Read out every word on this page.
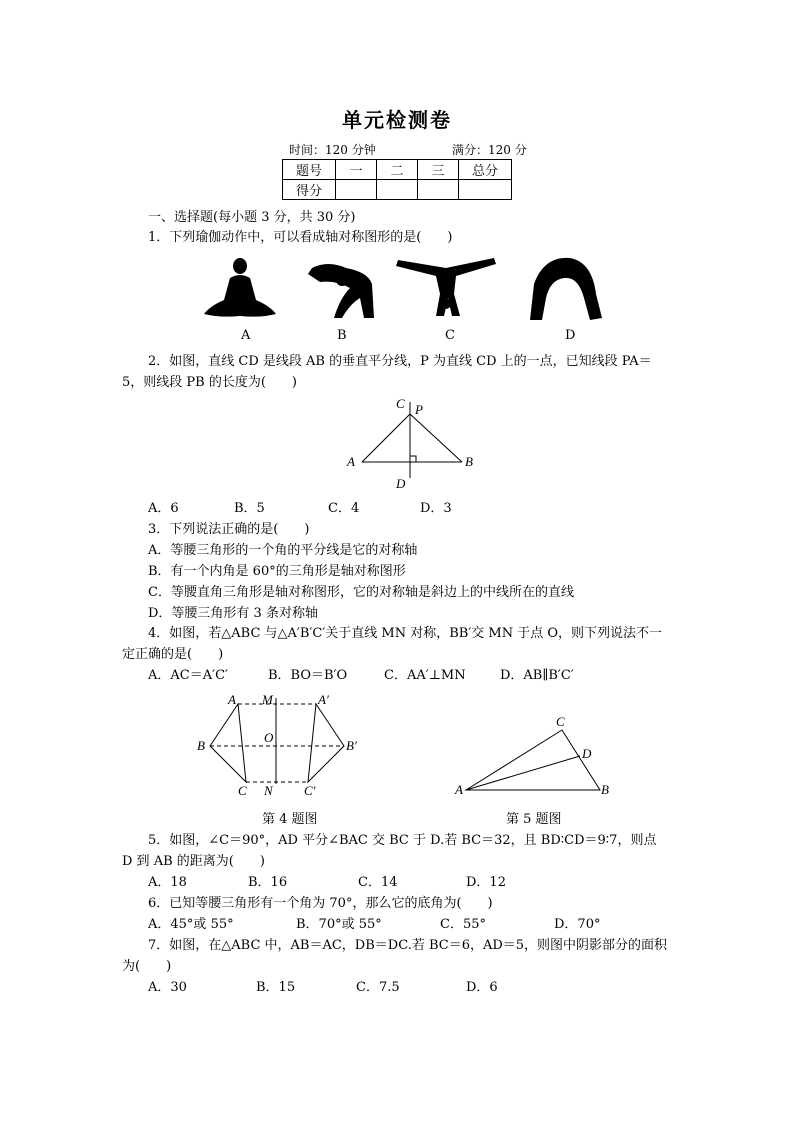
单元检测卷
时间：120 分钟	满分：120 分
题号	一	二	三	总分
得分				
一、选择题(每小题 3 分，共 30 分)
1．下列瑜伽动作中，可以看成轴对称图形的是(　　)
A	B	C	D
2．如图，直线 CD 是线段 AB 的垂直平分线，P 为直线 CD 上的一点，已知线段 PA＝
5，则线段 PB 的长度为(　　)
C P
A	B
D
A．6	B．5	C．4	D．3
3．下列说法正确的是(　　)
A．等腰三角形的一个角的平分线是它的对称轴
B．有一个内角是 60°的三角形是轴对称图形
C．等腰直角三角形是轴对称图形，它的对称轴是斜边上的中线所在的直线
D．等腰三角形有 3 条对称轴
4．如图，若△ABC 与△A′B′C′关于直线 MN 对称，BB′交 MN 于点 O，则下列说法不一
定正确的是(　　)
A．AC＝A′C′	B．BO＝B′O	C．AA′⊥MN	D．AB∥B′C′
A M	A′
B
O
B′
C N C′
C
D
A	B
第 4 题图	第 5 题图
5．如图，∠C＝90°，AD 平分∠BAC 交 BC 于 D.若 BC＝32，且 BD∶CD＝9∶7，则点
D 到 AB 的距离为(　　)
A．18	B．16	C．14	D．12
6．已知等腰三角形有一个角为 70°，那么它的底角为(　　)
A．45°或 55°	B．70°或 55°	C．55°	D．70°
7．如图，在△ABC 中，AB＝AC，DB＝DC.若 BC＝6，AD＝5，则图中阴影部分的面积
为(　　)
A．30	B．15	C．7.5	D．6
